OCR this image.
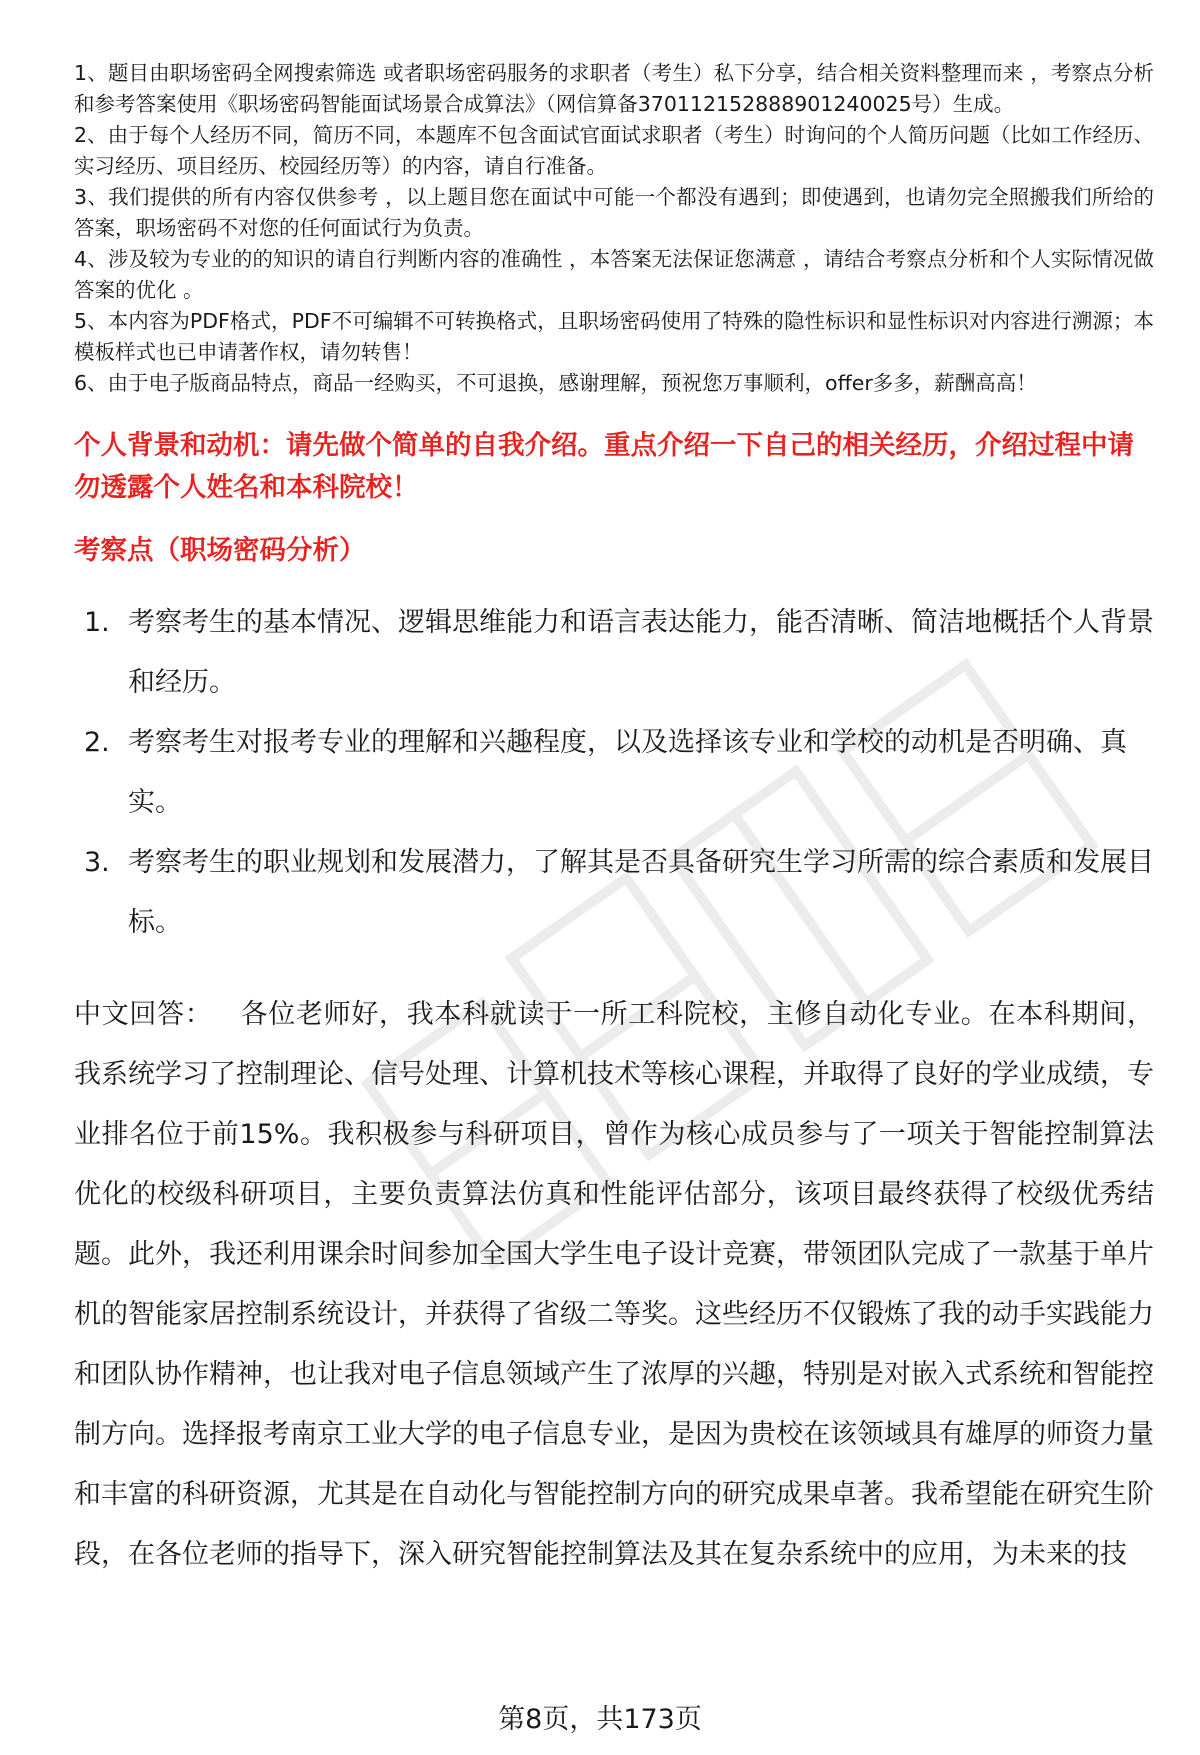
1、题目由职场密码全网搜索筛选 或者职场密码服务的求职者（考生）私下分享，结合相关资料整理而来 ，考察点分析和参考答案使用《职场密码智能面试场景合成算法》（网信算备370112152888901240025号）生成。
2、由于每个人经历不同，简历不同，本题库不包含面试官面试求职者（考生）时询问的个人简历问题（比如工作经历、实习经历、项目经历、校园经历等）的内容，请自行准备。
3、我们提供的所有内容仅供参考 ，以上题目您在面试中可能一个都没有遇到；即使遇到，也请勿完全照搬我们所给的答案，职场密码不对您的任何面试行为负责。
4、涉及较为专业的的知识的请自行判断内容的准确性 ，本答案无法保证您满意 ，请结合考察点分析和个人实际情况做答案的优化 。
5、本内容为PDF格式，PDF不可编辑不可转换格式，且职场密码使用了特殊的隐性标识和显性标识对内容进行溯源；本模板样式也已申请著作权，请勿转售！
6、由于电子版商品特点，商品一经购买，不可退换，感谢理解，预祝您万事顺利，offer多多，薪酬高高！
个人背景和动机：请先做个简单的自我介绍。重点介绍一下自己的相关经历，介绍过程中请勿透露个人姓名和本科院校！
考察点（职场密码分析）
1. 考察考生的基本情况、逻辑思维能力和语言表达能力，能否清晰、简洁地概括个人背景和经历。
2. 考察考生对报考专业的理解和兴趣程度，以及选择该专业和学校的动机是否明确、真实。
3. 考察考生的职业规划和发展潜力，了解其是否具备研究生学习所需的综合素质和发展目标。
中文回答： 各位老师好，我本科就读于一所工科院校，主修自动化专业。在本科期间，我系统学习了控制理论、信号处理、计算机技术等核心课程，并取得了良好的学业成绩，专业排名位于前15%。我积极参与科研项目，曾作为核心成员参与了一项关于智能控制算法优化的校级科研项目，主要负责算法仿真和性能评估部分，该项目最终获得了校级优秀结题。此外，我还利用课余时间参加全国大学生电子设计竞赛，带领团队完成了一款基于单片机的智能家居控制系统设计，并获得了省级二等奖。这些经历不仅锻炼了我的动手实践能力和团队协作精神，也让我对电子信息领域产生了浓厚的兴趣，特别是对嵌入式系统和智能控制方向。选择报考南京工业大学的电子信息专业，是因为贵校在该领域具有雄厚的师资力量和丰富的科研资源，尤其是在自动化与智能控制方向的研究成果卓著。我希望能在研究生阶段，在各位老师的指导下，深入研究智能控制算法及其在复杂系统中的应用，为未来的技
第8页，共173页
